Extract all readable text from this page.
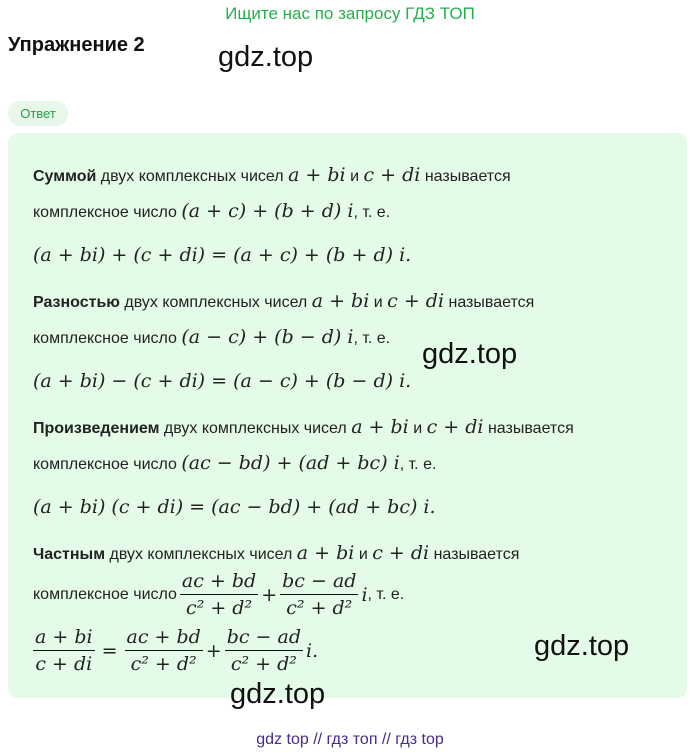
Ищите нас по запросу ГДЗ ТОП
Упражнение 2	gdz.top
Ответ
Суммой двух комплексных чисел a + bi и c + di называется
комплексное число (a + c) + (b + d) i, т. е.
(a + bi) + (c + di) = (a + c) + (b + d) i.
Разностью двух комплексных чисел a + bi и c + di называется
комплексное число (a − c) + (b − d) i, т. е. gdz.top
(a + bi) − (c + di) = (a − c) + (b − d) i.
Произведением двух комплексных чисел a + bi и c + di называется
комплексное число (ac − bd) + (ad + bc) i, т. е.
(a + bi) (c + di) = (ac − bd) + (ad + bc) i.
Частным двух комплексных чисел a + bi и c + di называется
комплексное число $\frac{ac + bd}{\text{c² + d²}} + \frac{bc - ad}{\text{c² + d²}}$ i , т. е.
$\frac{a + bi}{c + di} = \frac{ac + bd}{\text{c² + d²}} + \frac{bc - ad}{\text{c² + d²}} i$.	gdz.top
gdz.top
gdz top // гдз топ // гдз top
